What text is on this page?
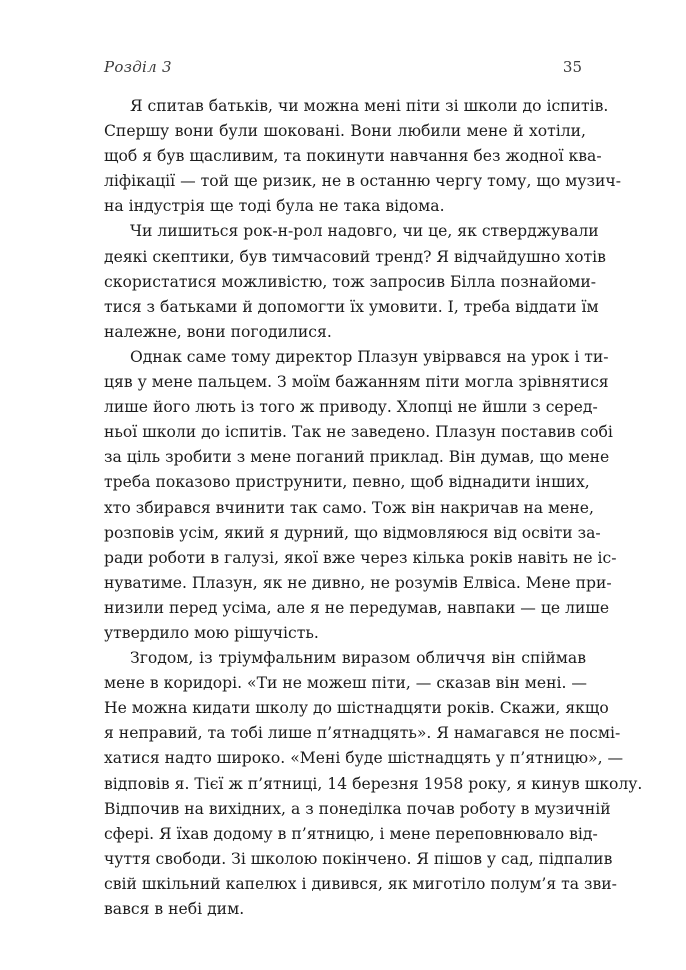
Розділ 3	35
Я спитав батьків, чи можна мені піти зі школи до іспитів.
Спершу вони були шоковані. Вони любили мене й хотіли,
щоб я був щасливим, та покинути навчання без жодної ква-
ліфікації — той ще ризик, не в останню чергу тому, що музич-
на індустрія ще тоді була не така відома.
Чи лишиться рок-н-рол надовго, чи це, як стверджували
деякі скептики, був тимчасовий тренд? Я відчайдушно хотів
скористатися можливістю, тож запросив Білла познайоми-
тися з батьками й допомогти їх умовити. І, треба віддати їм
належне, вони погодилися.
Однак саме тому директор Плазун увірвався на урок і ти-
цяв у мене пальцем. З моїм бажанням піти могла зрівнятися
лише його лють із того ж приводу. Хлопці не йшли з серед-
ньої школи до іспитів. Так не заведено. Плазун поставив собі
за ціль зробити з мене поганий приклад. Він думав, що мене
треба показово приструнити, певно, щоб віднадити інших,
хто збирався вчинити так само. Тож він накричав на мене,
розповів усім, який я дурний, що відмовляюся від освіти за-
ради роботи в галузі, якої вже через кілька років навіть не іс-
нуватиме. Плазун, як не дивно, не розумів Елвіса. Мене при-
низили перед усіма, але я не передумав, навпаки — це лише
утвердило мою рішучість.
Згодом, із тріумфальним виразом обличчя він спіймав
мене в коридорі. «Ти не можеш піти, — сказав він мені. —
Не можна кидати школу до шістнадцяти років. Скажи, якщо
я неправий, та тобі лише п’ятнадцять». Я намагався не посмі-
хатися надто широко. «Мені буде шістнадцять у п’ятницю», —
відповів я. Тієї ж п’ятниці, 14 березня 1958 року, я кинув школу.
Відпочив на вихідних, а з понеділка почав роботу в музичній
сфері. Я їхав додому в п’ятницю, і мене переповнювало від-
чуття свободи. Зі школою покінчено. Я пішов у сад, підпалив
свій шкільний капелюх і дивився, як миготіло полум’я та зви-
вався в небі дим.
